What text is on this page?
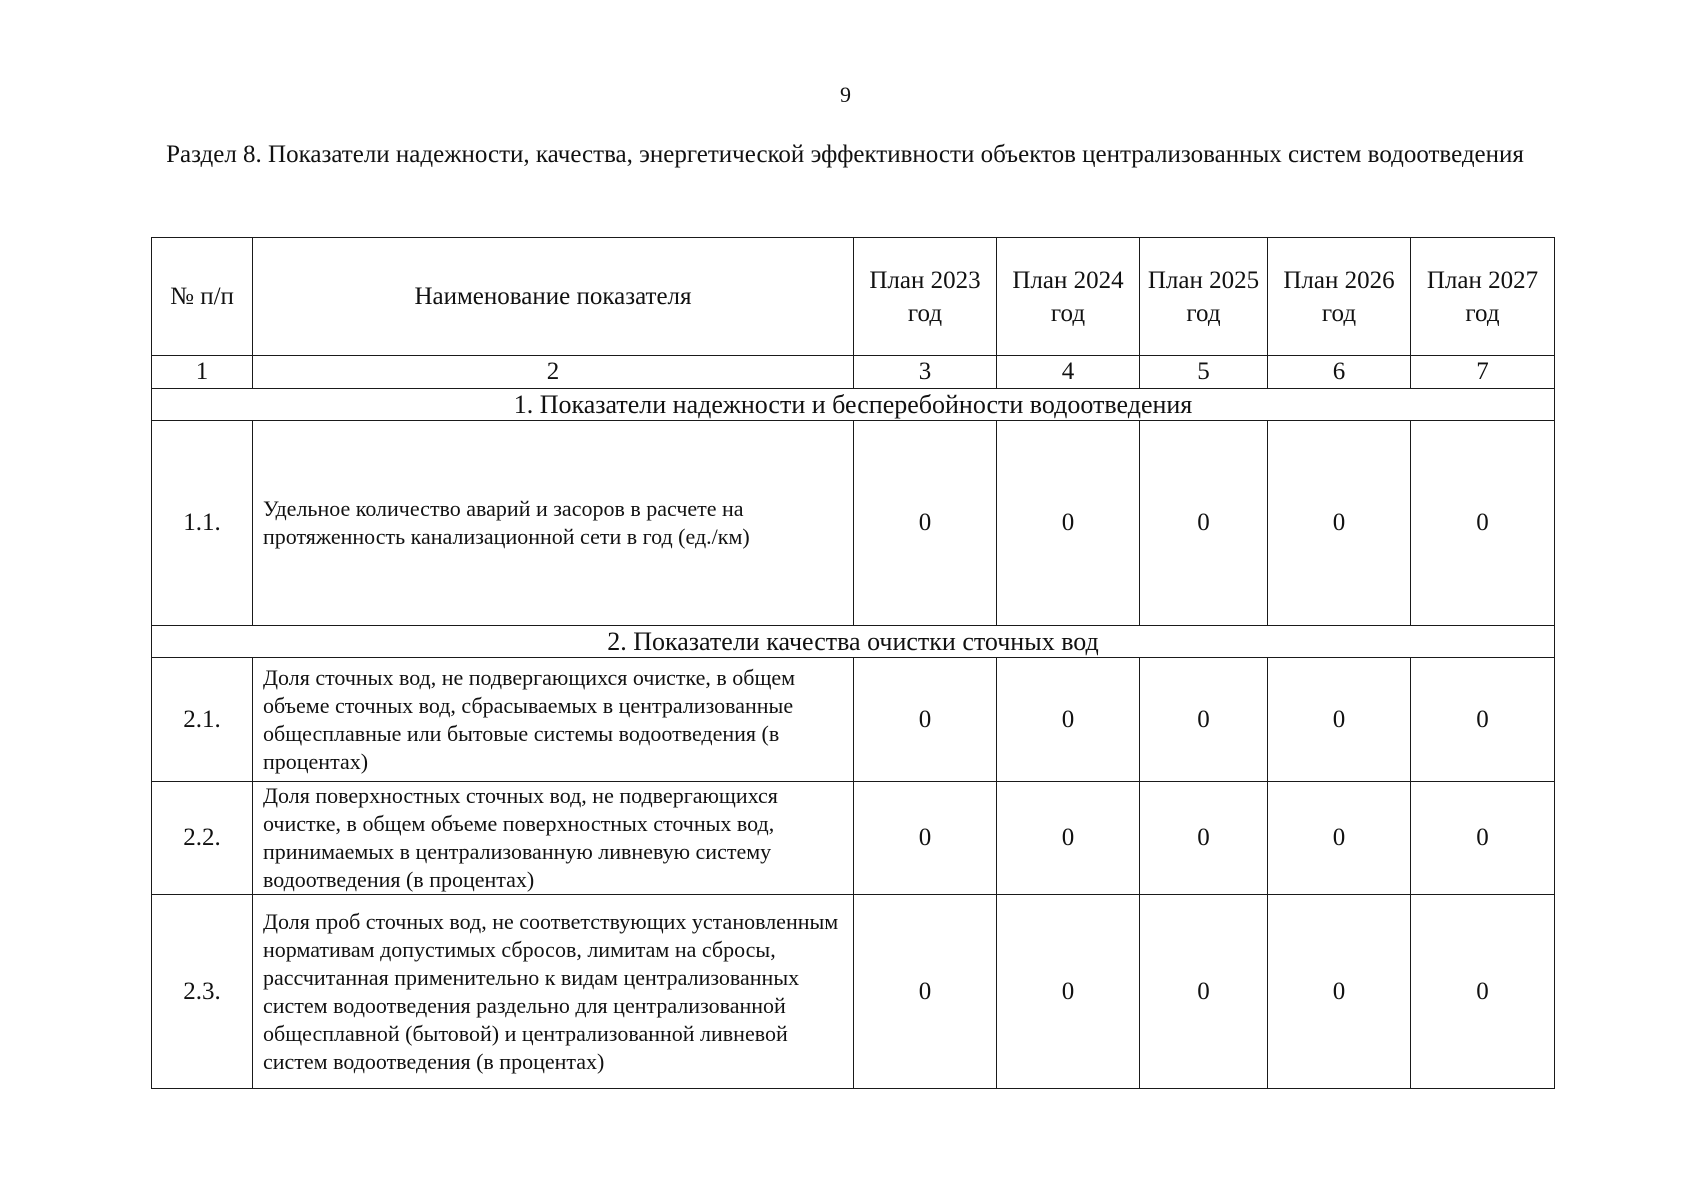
9
Раздел 8. Показатели надежности, качества, энергетической эффективности объектов централизованных систем водоотведения
№ п/п	Наименование показателя	План 2023 год	План 2024 год	План 2025 год	План 2026 год	План 2027 год
1	2	3	4	5	6	7
1. Показатели надежности и бесперебойности водоотведения						
1.1.	Удельное количество аварий и засоров в расчете на протяженность канализационной сети в год (ед./км)	0	0	0	0	0
2. Показатели качества очистки сточных вод						
2.1.	Доля сточных вод, не подвергающихся очистке, в общем объеме сточных вод, сбрасываемых в централизованные общесплавные или бытовые системы водоотведения (в процентах)	0	0	0	0	0
2.2.	Доля поверхностных сточных вод, не подвергающихся очистке, в общем объеме поверхностных сточных вод, принимаемых в централизованную ливневую систему водоотведения (в процентах)	0	0	0	0	0
2.3.	Доля проб сточных вод, не соответствующих установленным нормативам допустимых сбросов, лимитам на сбросы, рассчитанная применительно к видам централизованных систем водоотведения раздельно для централизованной общесплавной (бытовой) и централизованной ливневой систем водоотведения (в процентах)	0	0	0	0	0
